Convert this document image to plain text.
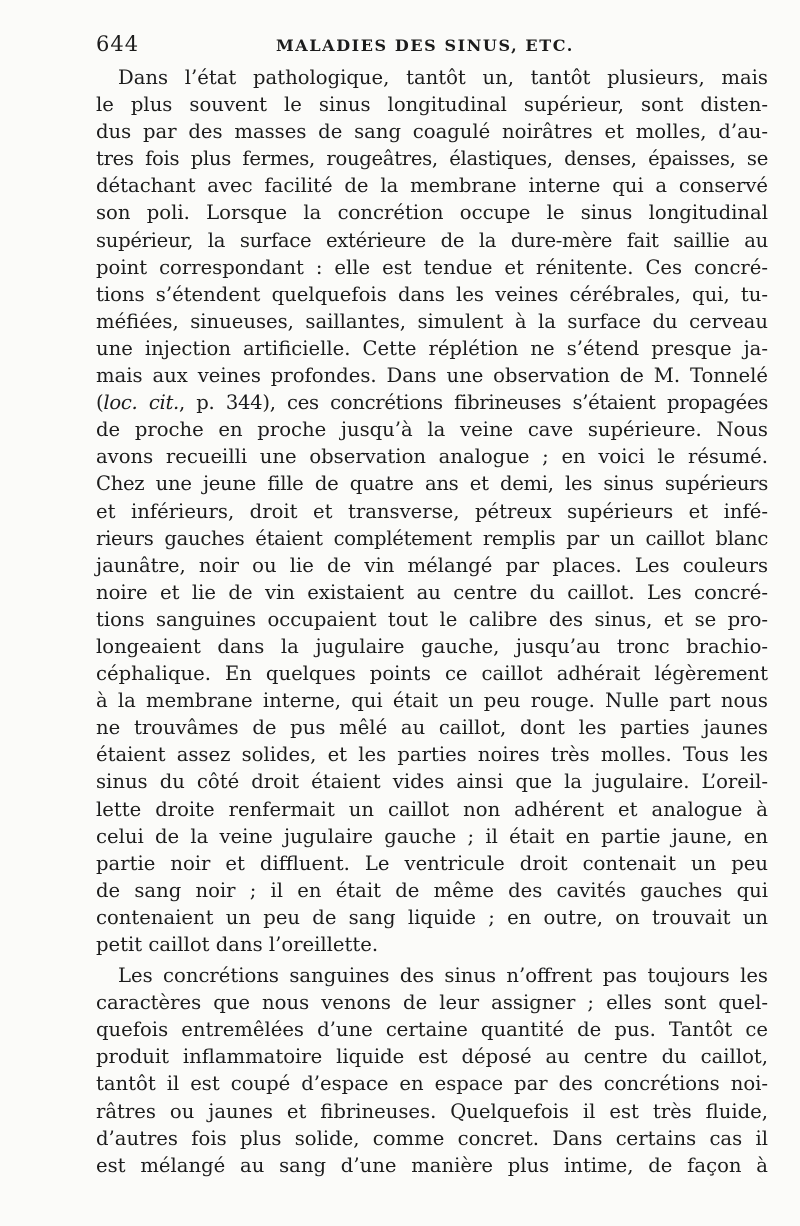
644	MALADIES DES SINUS, ETC.
Dans l’état pathologique, tantôt un, tantôt plusieurs, mais
le plus souvent le sinus longitudinal supérieur, sont disten-
dus par des masses de sang coagulé noirâtres et molles, d’au-
tres fois plus fermes, rougeâtres, élastiques, denses, épaisses, se
détachant avec facilité de la membrane interne qui a conservé
son poli. Lorsque la concrétion occupe le sinus longitudinal
supérieur, la surface extérieure de la dure-mère fait saillie au
point correspondant : elle est tendue et rénitente. Ces concré-
tions s’étendent quelquefois dans les veines cérébrales, qui, tu-
méfiées, sinueuses, saillantes, simulent à la surface du cerveau
une injection artificielle. Cette réplétion ne s’étend presque ja-
mais aux veines profondes. Dans une observation de M. Tonnelé
(loc. cit., p. 344), ces concrétions fibrineuses s’étaient propagées
de proche en proche jusqu’à la veine cave supérieure. Nous
avons recueilli une observation analogue ; en voici le résumé.
Chez une jeune fille de quatre ans et demi, les sinus supérieurs
et inférieurs, droit et transverse, pétreux supérieurs et infé-
rieurs gauches étaient complétement remplis par un caillot blanc
jaunâtre, noir ou lie de vin mélangé par places. Les couleurs
noire et lie de vin existaient au centre du caillot. Les concré-
tions sanguines occupaient tout le calibre des sinus, et se pro-
longeaient dans la jugulaire gauche, jusqu’au tronc brachio-
céphalique. En quelques points ce caillot adhérait légèrement
à la membrane interne, qui était un peu rouge. Nulle part nous
ne trouvâmes de pus mêlé au caillot, dont les parties jaunes
étaient assez solides, et les parties noires très molles. Tous les
sinus du côté droit étaient vides ainsi que la jugulaire. L’oreil-
lette droite renfermait un caillot non adhérent et analogue à
celui de la veine jugulaire gauche ; il était en partie jaune, en
partie noir et diffluent. Le ventricule droit contenait un peu
de sang noir ; il en était de même des cavités gauches qui
contenaient un peu de sang liquide ; en outre, on trouvait un
petit caillot dans l’oreillette.
Les concrétions sanguines des sinus n’offrent pas toujours les
caractères que nous venons de leur assigner ; elles sont quel-
quefois entremêlées d’une certaine quantité de pus. Tantôt ce
produit inflammatoire liquide est déposé au centre du caillot,
tantôt il est coupé d’espace en espace par des concrétions noi-
râtres ou jaunes et fibrineuses. Quelquefois il est très fluide,
d’autres fois plus solide, comme concret. Dans certains cas il
est mélangé au sang d’une manière plus intime, de façon à
